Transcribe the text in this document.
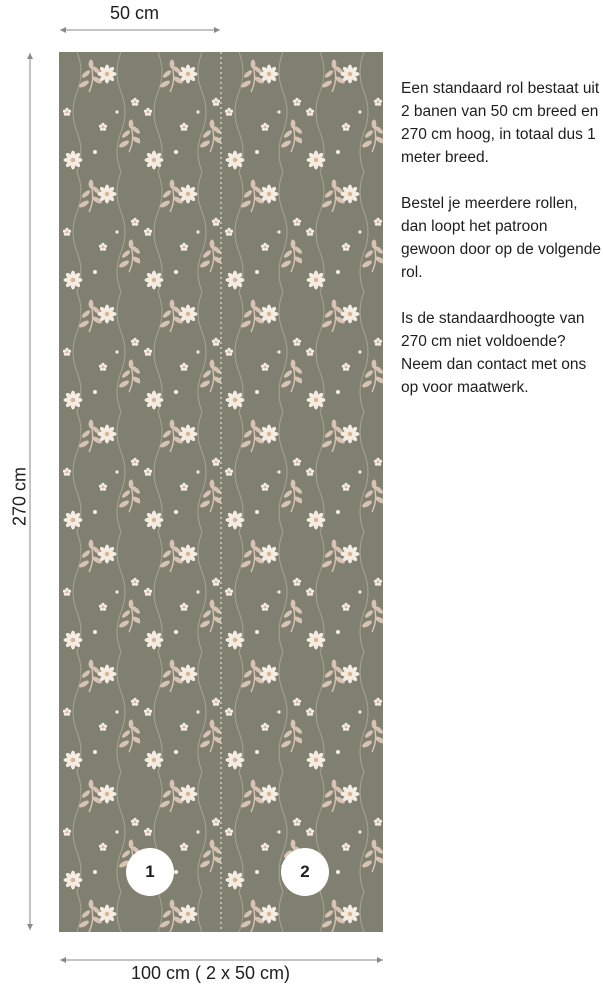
50 cm
270 cm
100 cm ( 2 x 50 cm)
1	2

Een standaard rol bestaat uit 2 banen van 50 cm breed en 270 cm hoog, in totaal dus 1 meter breed.

Bestel je meerdere rollen, dan loopt het patroon gewoon door op de volgende rol.

Is de standaardhoogte van 270 cm niet voldoende? Neem dan contact met ons op voor maatwerk.
